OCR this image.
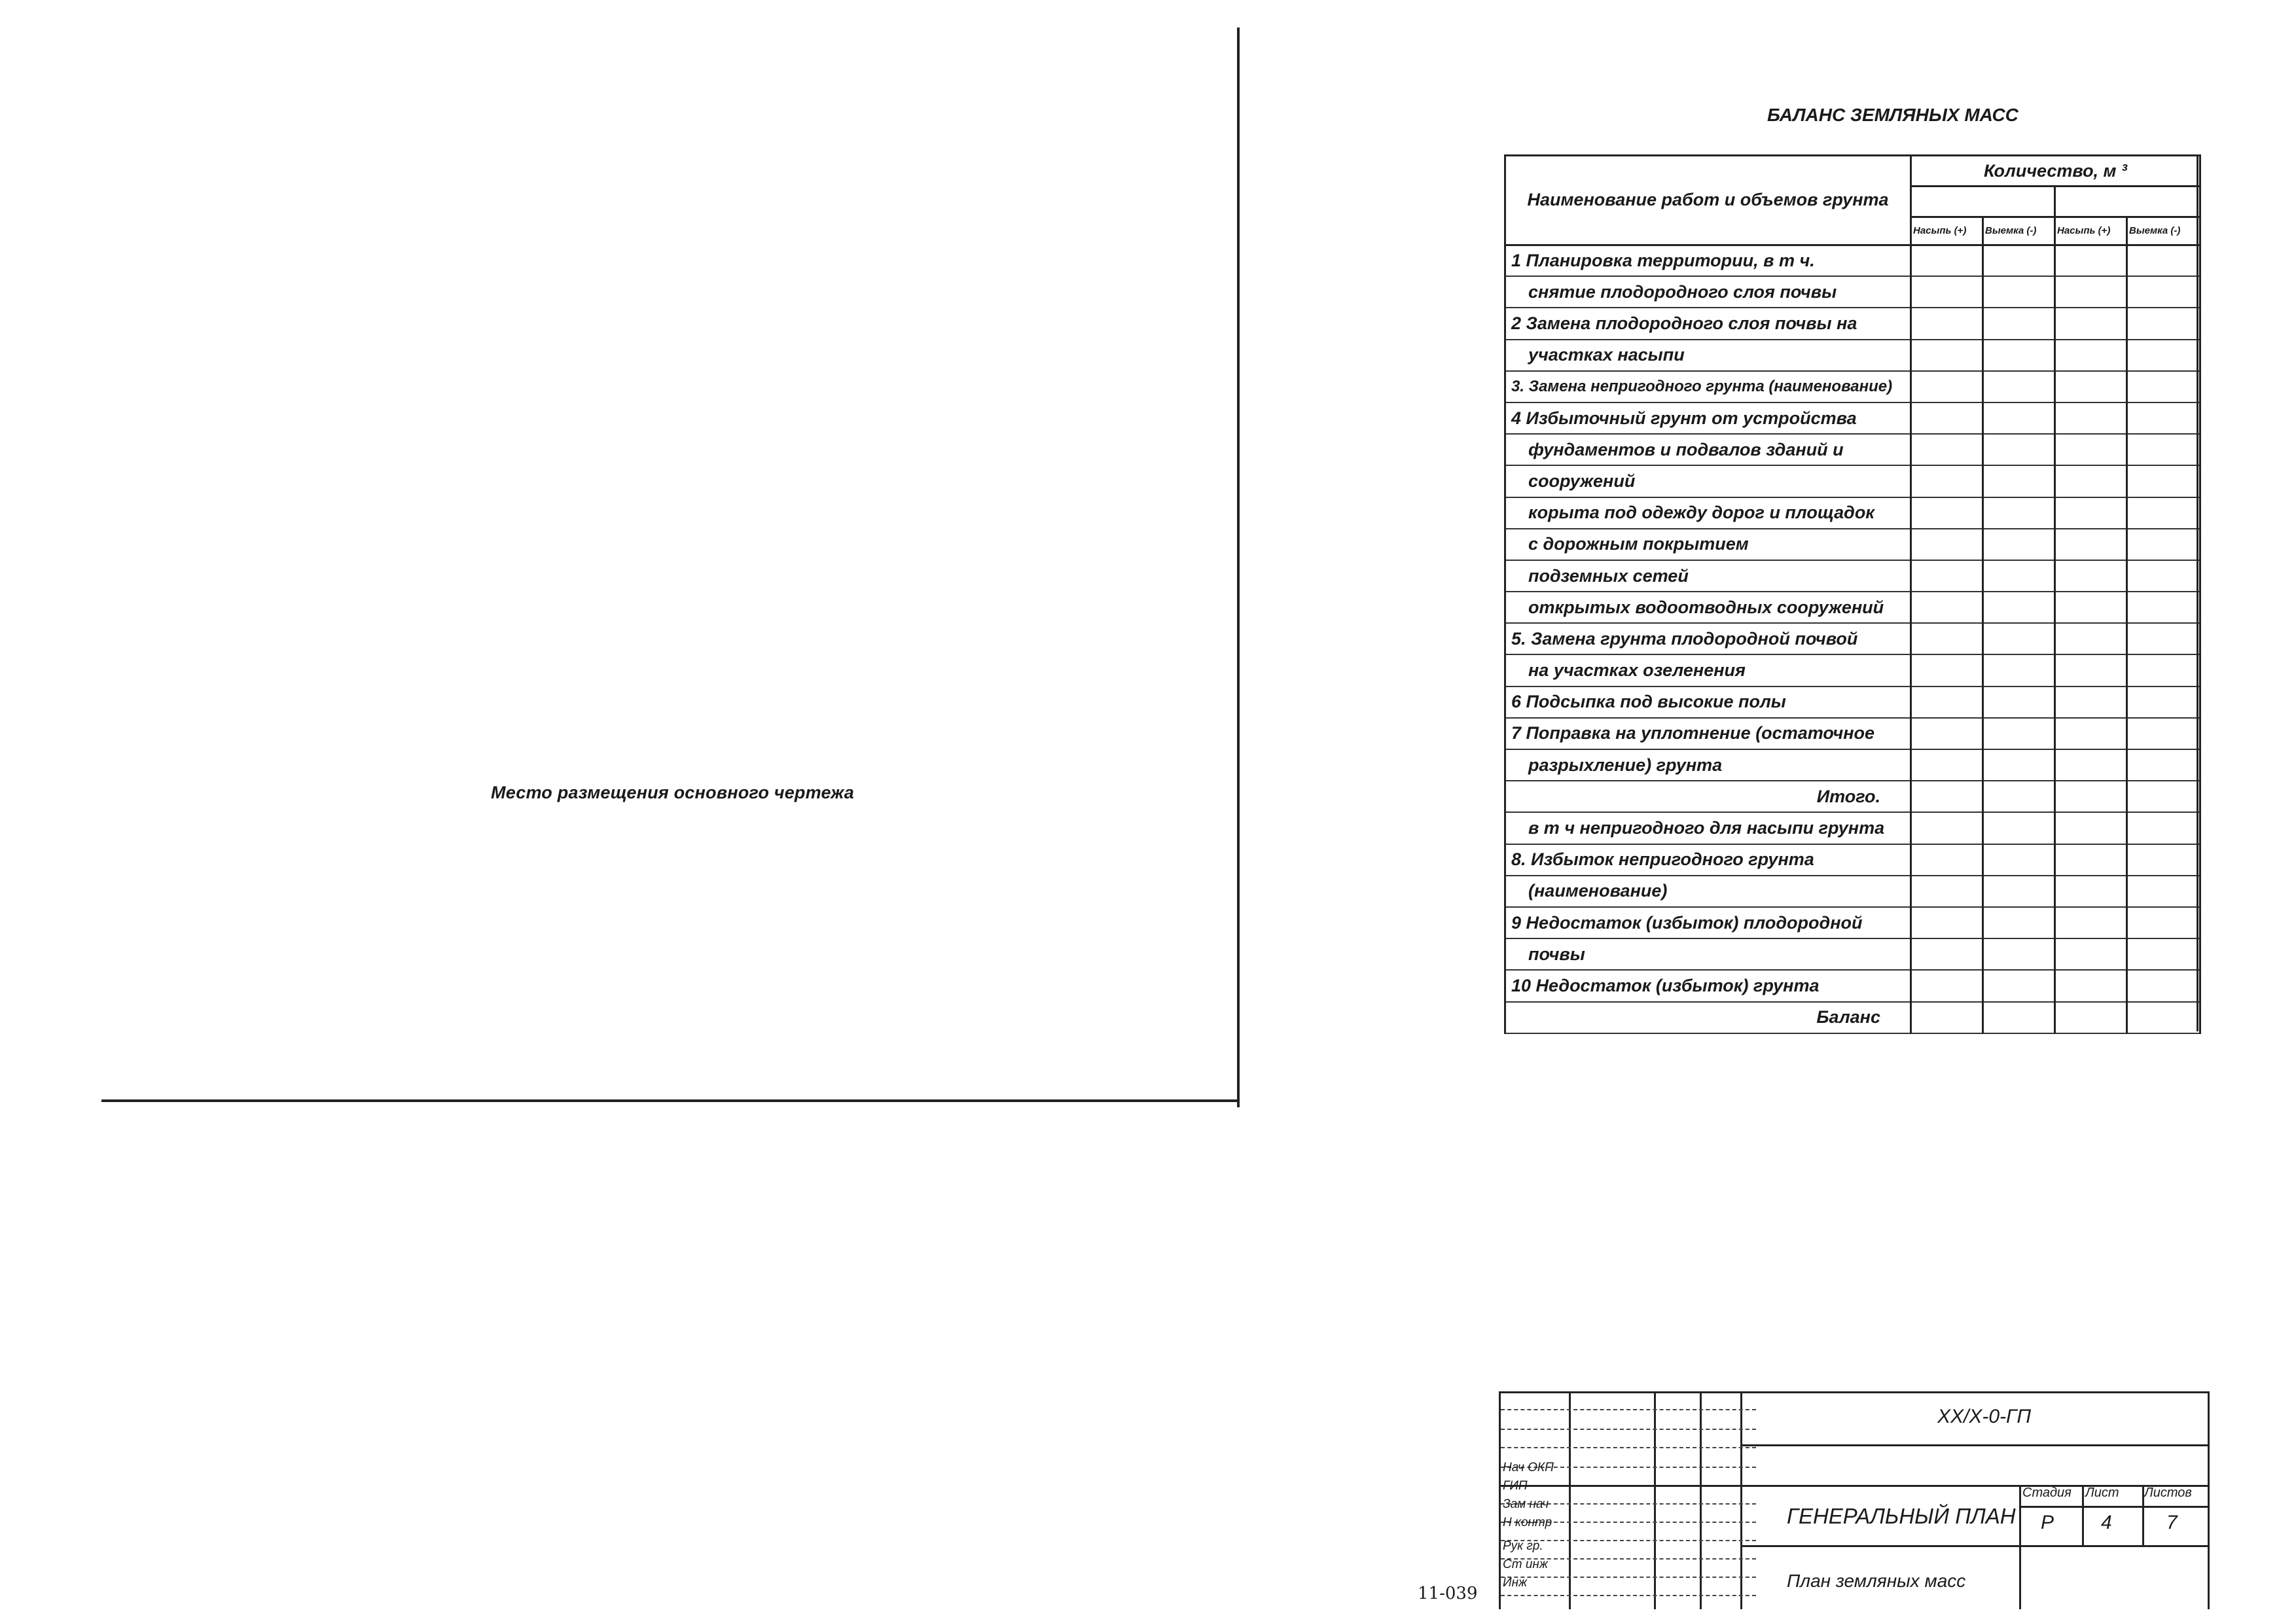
Место размещения основного чертежа
БАЛАНС ЗЕМЛЯНЫХ МАСС
Наименование работ и объемов грунта	Количество, м ³			

	Насыпь (+)	Выемка (-)	Насыпь (+)	Выемка (-)
1 Планировка территории, в т ч.				
снятие плодородного слоя почвы				
2 Замена плодородного слоя почвы на				
участках насыпи				
3. Замена непригодного грунта (наименование)				
4 Избыточный грунт от устройства				
фундаментов и подвалов зданий и				
сооружений				
корыта под одежду дорог и площадок				
с дорожным покрытием				
подземных сетей				
открытых водоотводных сооружений				
5. Замена грунта плодородной почвой				
на участках озеленения				
6 Подсыпка под высокие полы				
7 Поправка на уплотнение (остаточное				
разрыхление) грунта				
Итого.				
в т ч непригодного для насыпи грунта				
8. Избыток непригодного грунта				
(наименование)				
9 Недостаток (избыток) плодородной				
почвы				
10 Недостаток (избыток) грунта				
Баланс				
Нач ОКП
ГИП
Зам нач
Н контр
Рук гр.
Ст инж
Инж
XX/X-0-ГП
ГЕНЕРАЛЬНЫЙ ПЛАН
План земляных масс
Стадия Лист Листов
Р 4	7
11-039
